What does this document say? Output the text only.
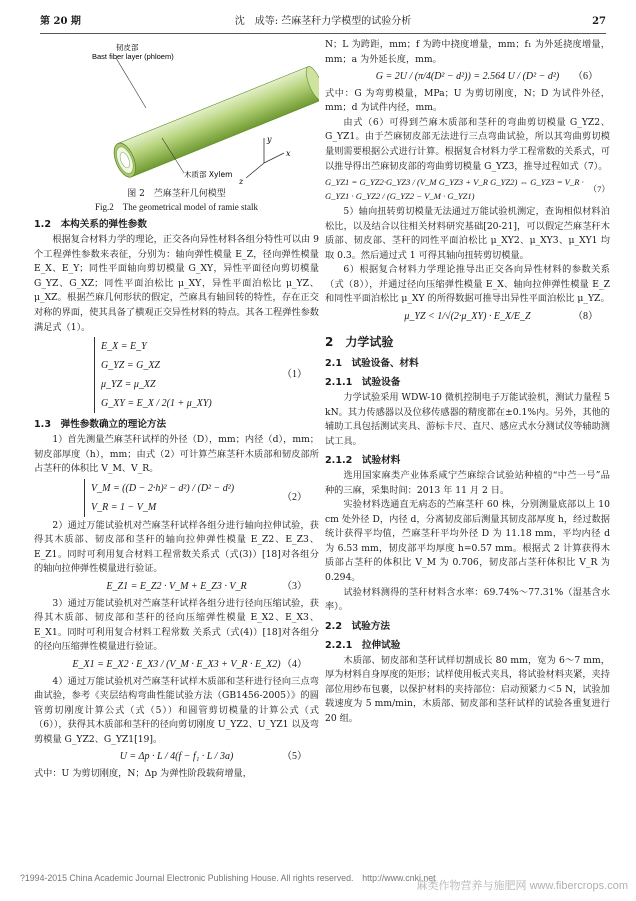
第 20 期	沈　成等: 苎麻茎秆力学模型的试验分析	27
韧皮部
Bast fiber layer (phloem)
木质部 Xylem
y
x
z
图 2　苎麻茎秆几何模型
Fig.2　The geometrical model of ramie stalk
1.2　本构关系的弹性参数

根据复合材料力学的理论，正交各向异性材料各组分特性可以由 9 个工程弹性参数来表征，分别为：轴向弹性模量 E_Z，径向弹性模量 E_X、E_Y；同性平面轴向剪切模量 G_XY，异性平面径向剪切模量 G_YZ、G_XZ；同性平面泊松比 μ_XY，异性平面泊松比 μ_YZ、μ_XZ。根据苎麻几何形状的假定，苎麻具有轴回转的特性，存在正交对称的界面，使其具备了横观正交异性材料的特点。其各工程弹性参数满足式（1）。

E_X = E_Y
G_YZ = G_XZ
μ_YZ = μ_XZ
G_XY = E_X / 2(1 + μ_XY)
（1）
1.3　弹性参数确立的理论方法

1）首先测量苎麻茎秆试样的外径（D），mm；内径（d），mm；韧皮部厚度（h），mm；由式（2）可计算苎麻茎秆木质部和韧皮部所占茎秆的体积比 V_M、V_R。

V_M = ((D − 2·h)² − d²) / (D² − d²)
V_R = 1 − V_M
（2）

2）通过万能试验机对苎麻茎秆试样各组分进行轴向拉伸试验，获得其木质部、韧皮部和茎秆的轴向拉伸弹性模量 E_Z2、E_Z3、E_Z1。同时可利用复合材料工程常数关系式（式(3)）[18]对各组分的轴向拉伸弹性模量进行验证。

E_Z1 = E_Z2 · V_M + E_Z3 · V_R	（3）

3）通过万能试验机对苎麻茎秆试样各组分进行径向压缩试验，获得其木质部、韧皮部和茎秆的径向压缩弹性模量 E_X2、E_X3、E_X1。同时可利用复合材料工程常数 关系式（式(4)）[18]对各组分的径向压缩弹性模量进行验证。

E_X1 = E_X2 · E_X3 / (V_M · E_X3 + V_R · E_X2) （4）

4）通过万能试验机对苎麻茎秆试样木质部和茎秆进行径向三点弯曲试验，参考《夹层结构弯曲性能试验方法（GB1456-2005）》的圆管剪切刚度计算公式（式（5））和圆管剪切模量的计算公式（式（6）），获得其木质部和茎秆的径向剪切刚度 U_YZ2、U_YZ1 以及弯剪模量 G_YZ2、G_YZ1[19]。

U = Δp · L / 4(f − f₁ · L / 3a)	（5）

式中：U 为剪切刚度，N；Δp 为弹性阶段载荷增量，

N；L 为跨距，mm；f 为跨中挠度增量，mm；f₁ 为外延挠度增量，mm；a 为外延长度，mm。

G = 2U / (π/4(D² − d²)) = 2.564 U / (D² − d²) （6）

式中：G 为弯剪模量，MPa；U 为剪切刚度，N；D 为试件外径，mm；d 为试件内径，mm。

由式（6）可得到苎麻木质部和茎秆的弯曲剪切模量 G_YZ2、G_YZ1。由于苎麻韧皮部无法进行三点弯曲试验，所以其弯曲剪切模量则需要根据公式进行计算。根据复合材料力学工程常数的关系式，可以推导得出苎麻韧皮部的弯曲剪切模量 G_YZ3，推导过程如式（7）。

G_YZ1 = G_YZ2·G_YZ3 / (V_M G_YZ3 + V_R G_YZ2) ⇔ G_YZ3 = V_R · G_YZ1 · G_YZ2 / (G_YZ2 − V_M · G_YZ1)
（7）

5）轴向扭转剪切模量无法通过万能试验机测定，查询相似材料泊松比，以及结合以往相关材料研究基础[20-21]，可以假定苎麻茎秆木质部、韧皮部、茎秆的同性平面泊松比 μ_XY2、μ_XY3、μ_XY1 均取 0.3。然后通过式 1 可得其轴向扭转剪切模量。

6）根据复合材料力学理论推导出正交各向异性材料的参数关系（式（8）），并通过径向压缩弹性模量 E_X、轴向拉伸弹性模量 E_Z 和同性平面泊松比 μ_XY 的所得数据可推导出异性平面泊松比 μ_YZ。

μ_YZ < 1/√(2·μ_XY) · E_X/E_Z	（8）
2　力学试验
2.1　试验设备、材料
2.1.1　试验设备

力学试验采用 WDW-10 微机控制电子万能试验机，测试力量程 5 kN。其力传感器以及位移传感器的精度都在±0.1%内。另外，其他的辅助工具包括测试夹具、游标卡尺、直尺、感应式水分测试仪等辅助测试工具。

2.1.2　试验材料

选用国家麻类产业体系咸宁苎麻综合试验站种植的“中苎一号”品种的三麻，采集时间：2013 年 11 月 2 日。

实验材料选通直无病态的苎麻茎秆 60 株，分别测量底部以上 10 cm 处外径 D，内径 d，分离韧皮部后测量其韧皮部厚度 h，经过数据统计获得平均值，苎麻茎秆平均外径 D 为 11.18 mm，平均内径 d 为 6.53 mm，韧皮部平均厚度 h=0.57 mm。根据式 2 计算获得木质部占茎秆的体积比 V_M 为 0.706，韧皮部占茎秆体积比 V_R 为 0.294。

试验材料测得的茎秆材料含水率：69.74%～77.31%（湿基含水率）。

2.2　试验方法
2.2.1　拉伸试验

木质部、韧皮部和茎秆试样切割成长 80 mm，宽为 6～7 mm，厚为材料自身厚度的矩形；试样使用板式夹具，将试验材料夹紧，夹持部位用纱布包裹，以保护材料的夹持部位：启动预紧力＜5 N，试验加载速度为 5 mm/min，木质部、韧皮部和茎秆试样的试验各重复进行 20 组。

?1994-2015 China Academic Journal Electronic Publishing House. All rights reserved.　http://www.cnki.net
麻类作物营养与施肥网 www.fibercrops.com
